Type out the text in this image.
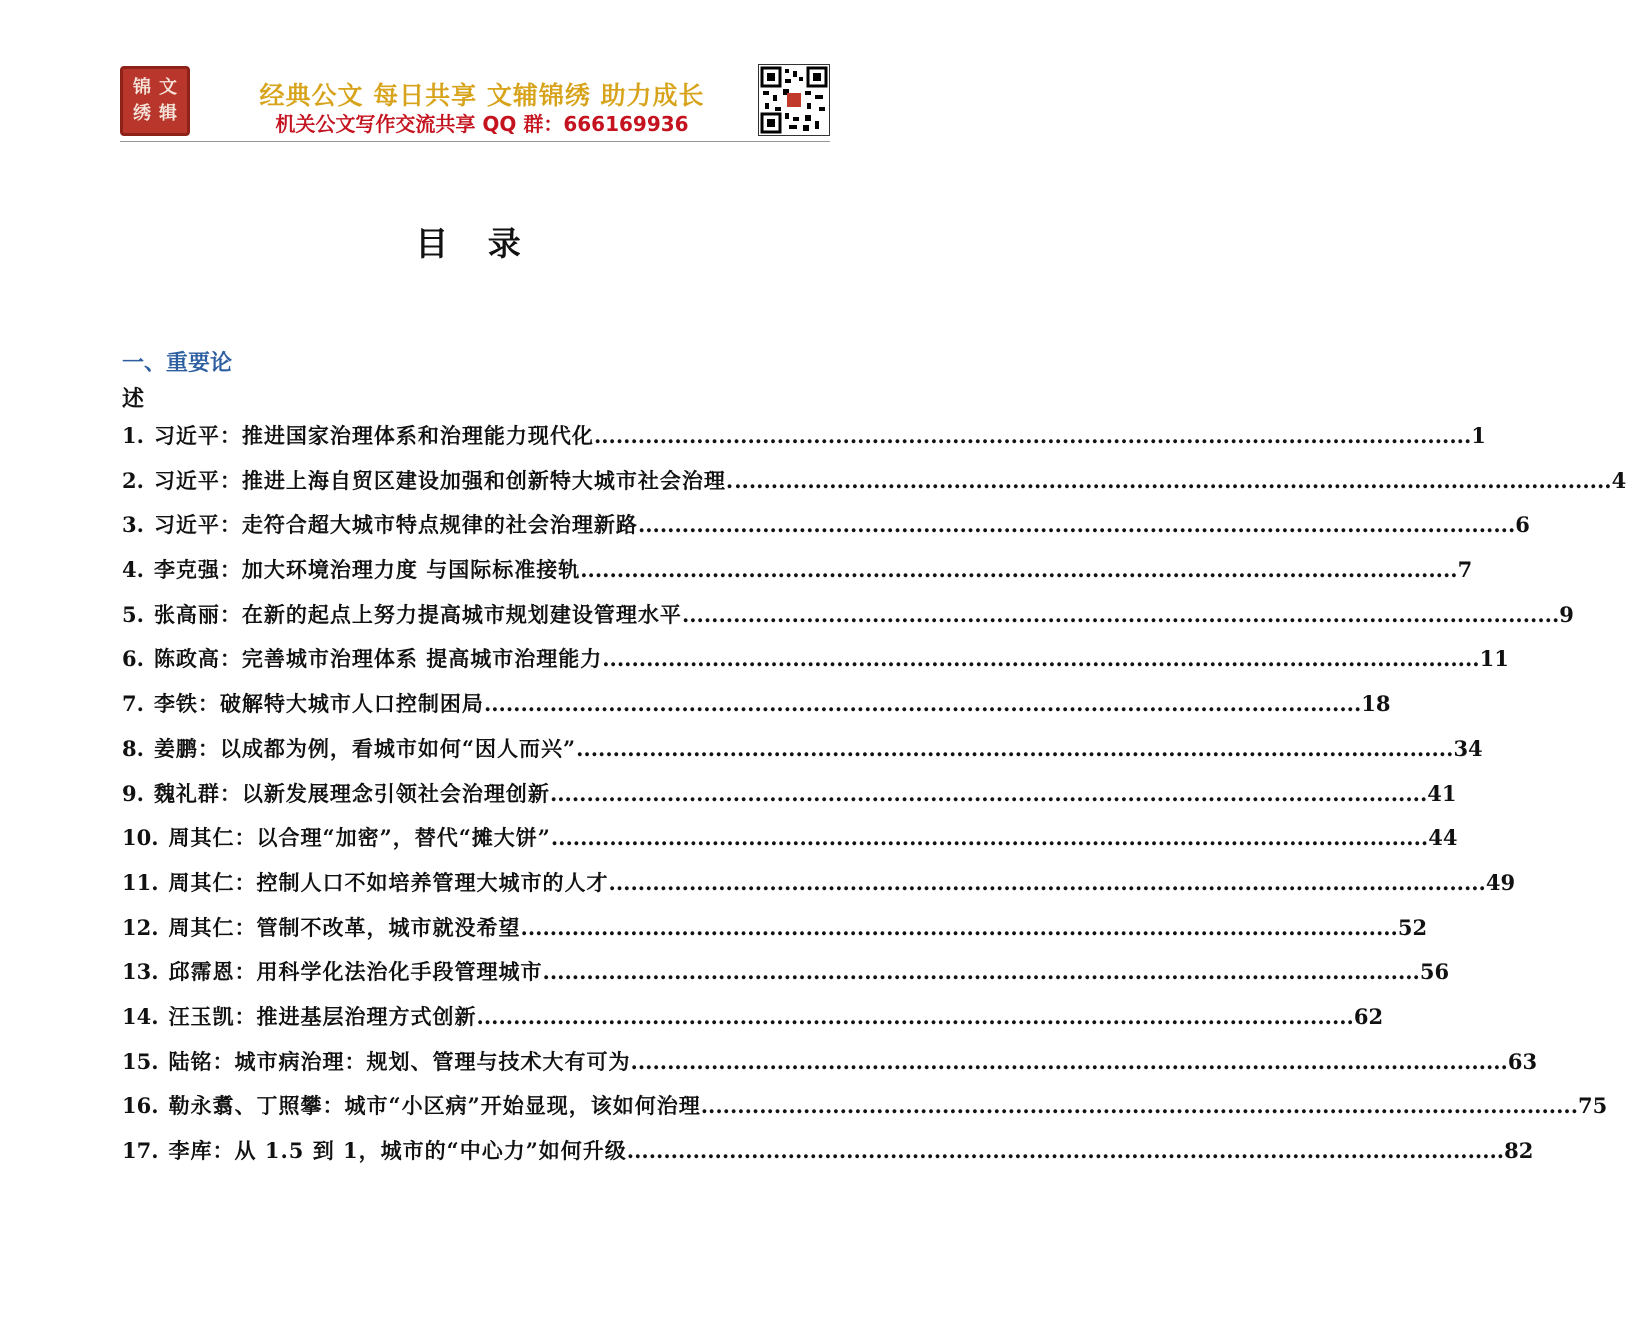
锦 文
绣 辑
经典公文 每日共享 文辅锦绣 助力成长
机关公文写作交流共享 QQ 群：666169936
目 录
一、重要论
述
1. 习近平：推进国家治理体系和治理能力现代化 .....	1
2. 习近平：推进上海自贸区建设加强和创新特大城市社会治理. .....	4
3. 习近平：走符合超大城市特点规律的社会治理新路 .....	6
4. 李克强：加大环境治理力度 与国际标准接轨 .....	7
5. 张高丽：在新的起点上努力提高城市规划建设管理水平 .....	9
6. 陈政高：完善城市治理体系 提高城市治理能力 .....	11
7. 李铁：破解特大城市人口控制困局 .....	18
8. 姜鹏：以成都为例，看城市如何“因人而兴” .....	34
9. 魏礼群：以新发展理念引领社会治理创新 .....	41
10. 周其仁：以合理“加密”，替代“摊大饼” .....	44
11. 周其仁：控制人口不如培养管理大城市的人才 .....	49
12. 周其仁：管制不改革，城市就没希望 .....	52
13. 邱霈恩：用科学化法治化手段管理城市 .....	56
14. 汪玉凯：推进基层治理方式创新 .....	62
15. 陆铭：城市病治理：规划、管理与技术大有可为 .....	63
16. 勒永翥、丁照攀：城市“小区病”开始显现，该如何治理 .....	75
17. 李库：从 1.5 到 1，城市的“中心力”如何升级 .....	82
